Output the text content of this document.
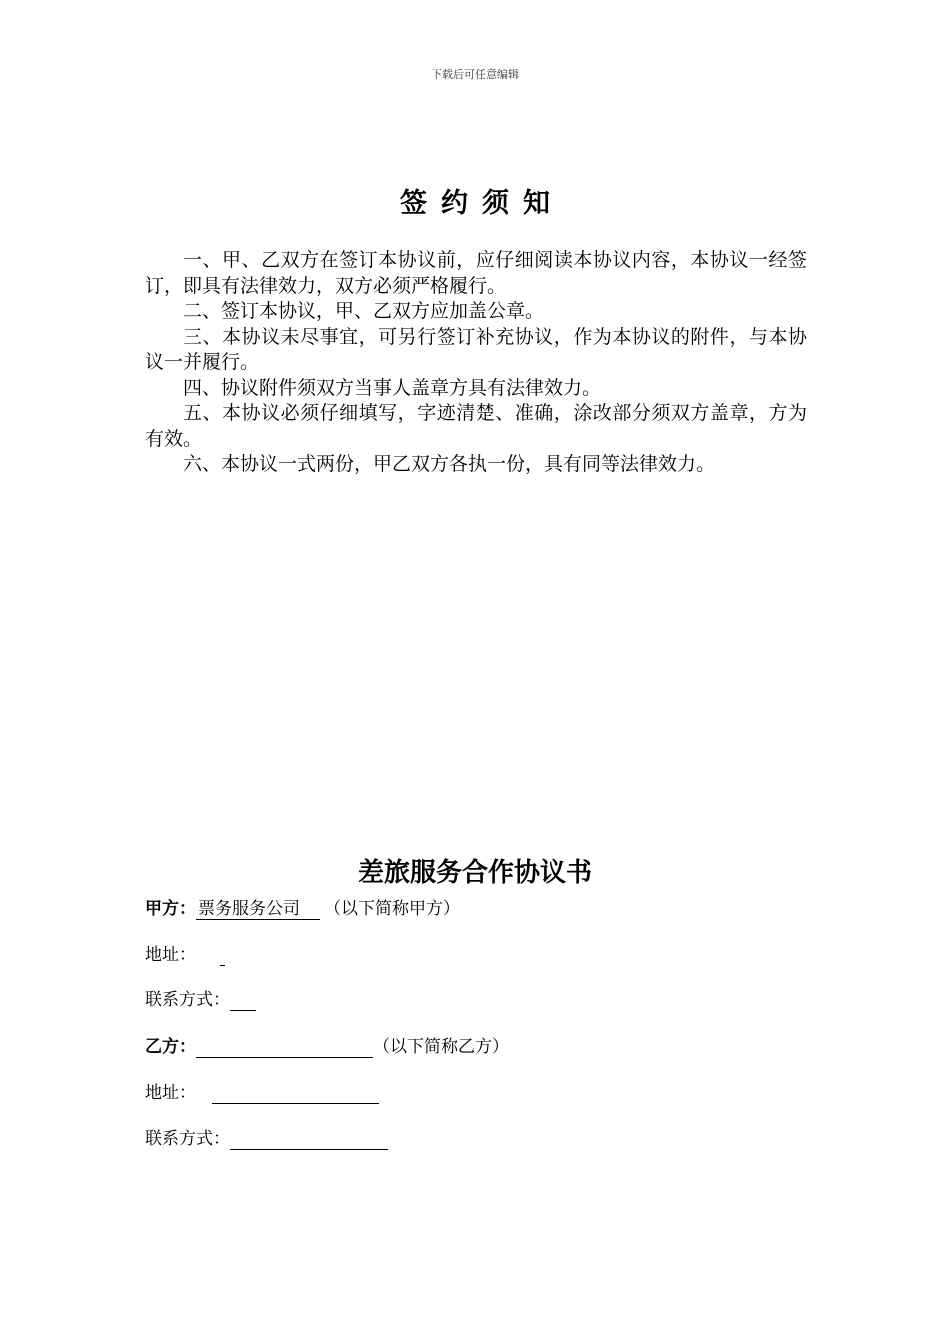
下载后可任意编辑
签约须知

一、甲、乙双方在签订本协议前，应仔细阅读本协议内容，本协议一经签订，即具有法律效力，双方必须严格履行。

二、签订本协议，甲、乙双方应加盖公章。

三、本协议未尽事宜，可另行签订补充协议，作为本协议的附件，与本协议一并履行。

四、协议附件须双方当事人盖章方具有法律效力。

五、本协议必须仔细填写，字迹清楚、准确，涂改部分须双方盖章，方为有效。

六、本协议一式两份，甲乙双方各执一份，具有同等法律效力。

差旅服务合作协议书
甲方： 票务服务公司 （以下简称甲方）
地址：
联系方式：
乙方：	（以下简称乙方）
地址：
联系方式：
